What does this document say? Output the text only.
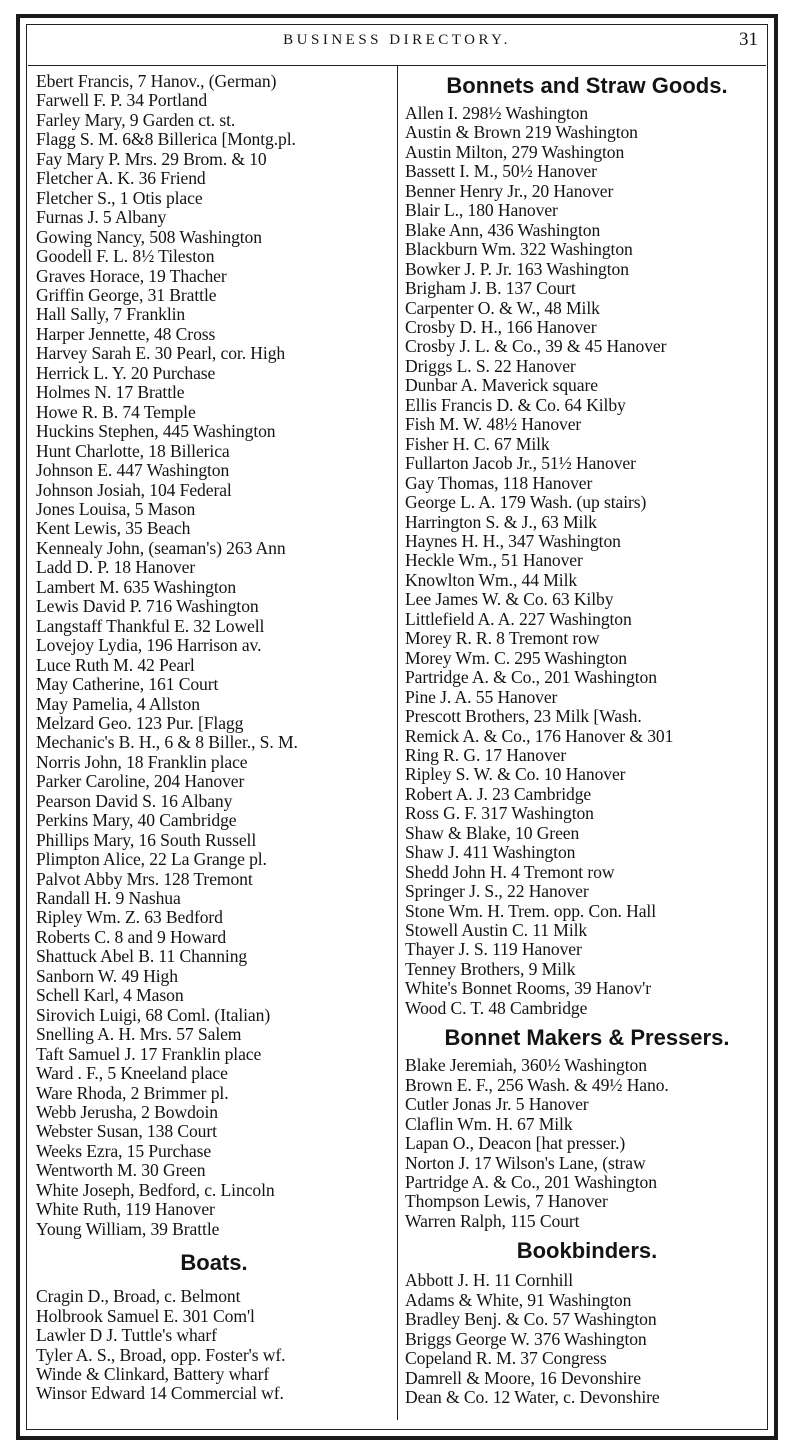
BUSINESS DIRECTORY.	31
Ebert Francis, 7 Hanov., (German)
Farwell F. P. 34 Portland
Farley Mary, 9 Garden ct. st.
Flagg S. M. 6&8 Billerica [Montg.pl.
Fay Mary P. Mrs. 29 Brom. & 10
Fletcher A. K. 36 Friend
Fletcher S., 1 Otis place
Furnas J. 5 Albany
Gowing Nancy, 508 Washington
Goodell F. L. 8½ Tileston
Graves Horace, 19 Thacher
Griffin George, 31 Brattle
Hall Sally, 7 Franklin
Harper Jennette, 48 Cross
Harvey Sarah E. 30 Pearl, cor. High
Herrick L. Y. 20 Purchase
Holmes N. 17 Brattle
Howe R. B. 74 Temple
Huckins Stephen, 445 Washington
Hunt Charlotte, 18 Billerica
Johnson E. 447 Washington
Johnson Josiah, 104 Federal
Jones Louisa, 5 Mason
Kent Lewis, 35 Beach
Kennealy John, (seaman's) 263 Ann
Ladd D. P. 18 Hanover
Lambert M. 635 Washington
Lewis David P. 716 Washington
Langstaff Thankful E. 32 Lowell
Lovejoy Lydia, 196 Harrison av.
Luce Ruth M. 42 Pearl
May Catherine, 161 Court
May Pamelia, 4 Allston
Melzard Geo. 123 Pur. [Flagg
Mechanic's B. H., 6 & 8 Biller., S. M.
Norris John, 18 Franklin place
Parker Caroline, 204 Hanover
Pearson David S. 16 Albany
Perkins Mary, 40 Cambridge
Phillips Mary, 16 South Russell
Plimpton Alice, 22 La Grange pl.
Palvot Abby Mrs. 128 Tremont
Randall H. 9 Nashua
Ripley Wm. Z. 63 Bedford
Roberts C. 8 and 9 Howard
Shattuck Abel B. 11 Channing
Sanborn W. 49 High
Schell Karl, 4 Mason
Sirovich Luigi, 68 Coml. (Italian)
Snelling A. H. Mrs. 57 Salem
Taft Samuel J. 17 Franklin place
Ward . F., 5 Kneeland place
Ware Rhoda, 2 Brimmer pl.
Webb Jerusha, 2 Bowdoin
Webster Susan, 138 Court
Weeks Ezra, 15 Purchase
Wentworth M. 30 Green
White Joseph, Bedford, c. Lincoln
White Ruth, 119 Hanover
Young William, 39 Brattle
Boats.
Cragin D., Broad, c. Belmont
Holbrook Samuel E. 301 Com'l
Lawler D J. Tuttle's wharf
Tyler A. S., Broad, opp. Foster's wf.
Winde & Clinkard, Battery wharf
Winsor Edward 14 Commercial wf.
Bonnets and Straw Goods.
Allen I. 298½ Washington
Austin & Brown 219 Washington
Austin Milton, 279 Washington
Bassett I. M., 50½ Hanover
Benner Henry Jr., 20 Hanover
Blair L., 180 Hanover
Blake Ann, 436 Washington
Blackburn Wm. 322 Washington
Bowker J. P. Jr. 163 Washington
Brigham J. B. 137 Court
Carpenter O. & W., 48 Milk
Crosby D. H., 166 Hanover
Crosby J. L. & Co., 39 & 45 Hanover
Driggs L. S. 22 Hanover
Dunbar A. Maverick square
Ellis Francis D. & Co. 64 Kilby
Fish M. W. 48½ Hanover
Fisher H. C. 67 Milk
Fullarton Jacob Jr., 51½ Hanover
Gay Thomas, 118 Hanover
George L. A. 179 Wash. (up stairs)
Harrington S. & J., 63 Milk
Haynes H. H., 347 Washington
Heckle Wm., 51 Hanover
Knowlton Wm., 44 Milk
Lee James W. & Co. 63 Kilby
Littlefield A. A. 227 Washington
Morey R. R. 8 Tremont row
Morey Wm. C. 295 Washington
Partridge A. & Co., 201 Washington
Pine J. A. 55 Hanover
Prescott Brothers, 23 Milk [Wash.
Remick A. & Co., 176 Hanover & 301
Ring R. G. 17 Hanover
Ripley S. W. & Co. 10 Hanover
Robert A. J. 23 Cambridge
Ross G. F. 317 Washington
Shaw & Blake, 10 Green
Shaw J. 411 Washington
Shedd John H. 4 Tremont row
Springer J. S., 22 Hanover
Stone Wm. H. Trem. opp. Con. Hall
Stowell Austin C. 11 Milk
Thayer J. S. 119 Hanover
Tenney Brothers, 9 Milk
White's Bonnet Rooms, 39 Hanov'r
Wood C. T. 48 Cambridge
Bonnet Makers & Pressers.
Blake Jeremiah, 360½ Washington
Brown E. F., 256 Wash. & 49½ Hano.
Cutler Jonas Jr. 5 Hanover
Claflin Wm. H. 67 Milk
Lapan O., Deacon [hat presser.)
Norton J. 17 Wilson's Lane, (straw
Partridge A. & Co., 201 Washington
Thompson Lewis, 7 Hanover
Warren Ralph, 115 Court
Bookbinders.
Abbott J. H. 11 Cornhill
Adams & White, 91 Washington
Bradley Benj. & Co. 57 Washington
Briggs George W. 376 Washington
Copeland R. M. 37 Congress
Damrell & Moore, 16 Devonshire
Dean & Co. 12 Water, c. Devonshire
